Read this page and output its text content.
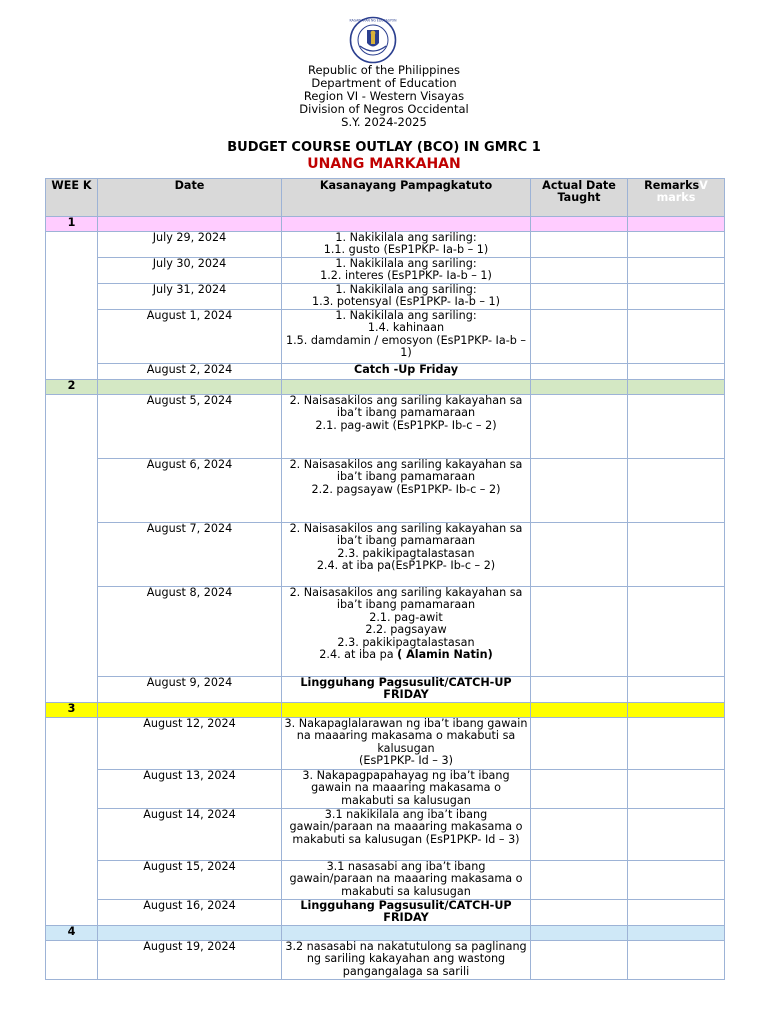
KAGAWARAN NG EDUKASYON
Republic of the Philippines
Department of Education
Region VI - Western Visayas
Division of Negros Occidental
S.Y. 2024-2025
BUDGET COURSE OUTLAY (BCO) IN GMRC 1
UNANG MARKAHAN
WEE K	Date	Kasanayang Pampagkatuto	Actual Date Taught	RemarksV marks
1				
	July 29, 2024	1. Nakikilala ang sariling:
1.1. gusto (EsP1PKP- Ia-b – 1)		

	July 30, 2024	1. Nakikilala ang sariling:
1.2. interes (EsP1PKP- Ia-b – 1)		

	July 31, 2024	1. Nakikilala ang sariling:
1.3. potensyal (EsP1PKP- Ia-b – 1)		

	August 1, 2024	1. Nakikilala ang sariling:
1.4. kahinaan
1.5. damdamin / emosyon (EsP1PKP- Ia-b – 1)		

	August 2, 2024	Catch -Up Friday		
2				
	August 5, 2024	2. Naisasakilos ang sariling kakayahan sa iba’t ibang pamamaraan
2.1. pag-awit (EsP1PKP- Ib-c – 2)		

	August 6, 2024	2. Naisasakilos ang sariling kakayahan sa iba’t ibang pamamaraan
2.2. pagsayaw (EsP1PKP- Ib-c – 2)		

	August 7, 2024	2. Naisasakilos ang sariling kakayahan sa iba’t ibang pamamaraan
2.3. pakikipagtalastasan
2.4. at iba pa(EsP1PKP- Ib-c – 2)		

	August 8, 2024	2. Naisasakilos ang sariling kakayahan sa iba’t ibang pamamaraan
2.1. pag-awit
2.2. pagsayaw
2.3. pakikipagtalastasan
2.4. at iba pa ( Alamin Natin)		

	August 9, 2024	Lingguhang Pagsusulit/CATCH-UP FRIDAY		
3				
	August 12, 2024	3. Nakapaglalarawan ng iba’t ibang gawain na maaaring makasama o makabuti sa kalusugan
(EsP1PKP- Id – 3)		

	August 13, 2024	3. Nakapagpapahayag ng iba’t ibang gawain na maaaring makasama o makabuti sa kalusugan		

	August 14, 2024	3.1 nakikilala ang iba’t ibang gawain/paraan na maaaring makasama o makabuti sa kalusugan (EsP1PKP- Id – 3)		

	August 15, 2024	3.1 nasasabi ang iba’t ibang gawain/paraan na maaaring makasama o makabuti sa kalusugan		

	August 16, 2024	Lingguhang Pagsusulit/CATCH-UP FRIDAY		
4				
	August 19, 2024	3.2 nasasabi na nakatutulong sa paglinang ng sariling kakayahan ang wastong pangangalaga sa sarili		
